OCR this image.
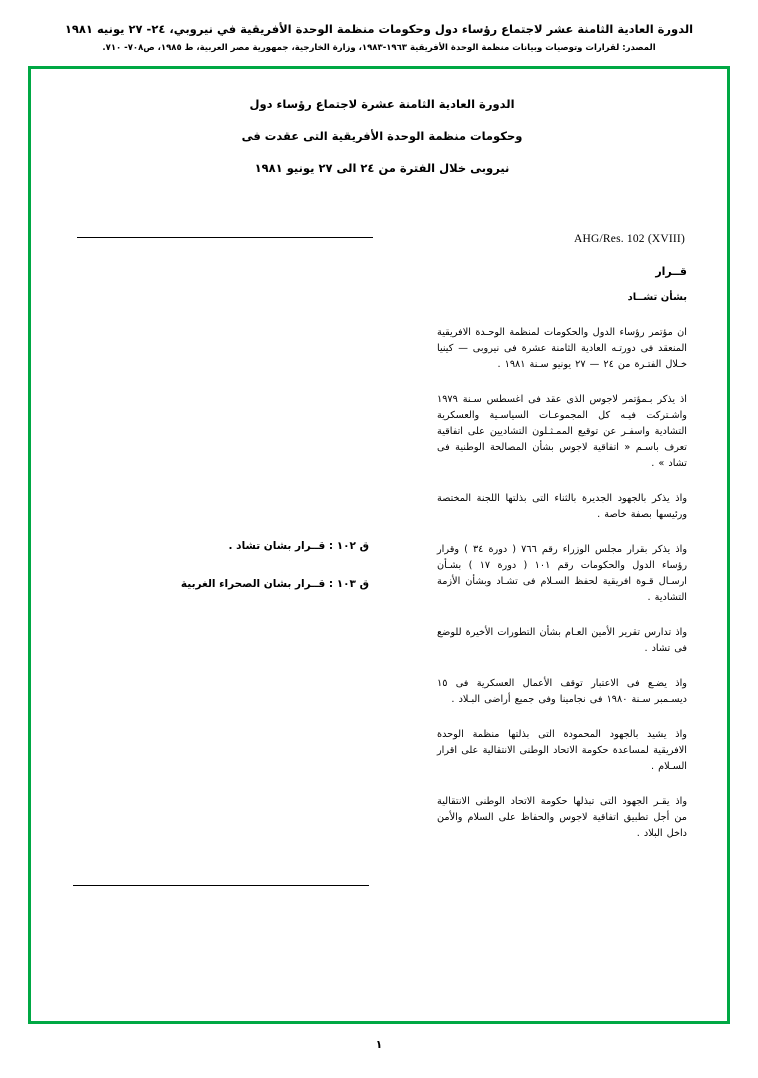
الدورة العادية الثامنة عشر لاجتماع رؤساء دول وحكومات منظمة الوحدة الأفريقية في نيروبي، ٢٤- ٢٧ يونيه ١٩٨١
المصدر: لقرارات وتوصيات وبيانات منظمة الوحدة الأفريقية ١٩٦٣-١٩٨٣، وزارة الخارجية، جمهورية مصر العربية، ط ١٩٨٥، ص٧٠٨- ٧١٠.
الدورة العادية الثامنة عشرة لاجتماع رؤساء دول
وحكومات منظمة الوحدة الأفريقية التى عقدت فى
نيروبى خلال الفترة من ٢٤ الى ٢٧ يونيو ١٩٨١
AHG/Res. 102 (XVIII)
ق ١٠٢ : قــرار بشان تشاد .
ق ١٠٣ : قــرار بشان الصحراء الغربية
قــرار
بشأن تشــاد

ان مؤتمر رؤساء الدول والحكومات لمنظمة الوحـدة الافريقية المنعقد فى دورتـه العادية الثامنة عشرة فى نيروبى — كينيا خـلال الفتـرة من ٢٤ — ٢٧ يونيو سـنة ١٩٨١ .

اذ يذكر بـمؤتمر لاجوس الذى عقد فى اغسطس سـنة ١٩٧٩ واشـتركت فيـه كل المجموعـات السياسـية والعسكرية التشادية واسفـر عن توقيع الممـثـلون التشاديين على اتفاقية تعرف باسـم « اتفاقية لاجوس بشأن المصالحة الوطنية فى تشاد » .

واذ يذكر بالجهود الجديرة بالثناء التى بذلتها اللجنة المختصة ورئيسها بصفة خاصة .

واذ يذكر بقرار مجلس الوزراء رقم ٧٦٦ ( دورة ٣٤ ) وقرار رؤساء الدول والحكومات رقم ١٠١ ( دورة ١٧ ) بشـأن ارسـال قـوة افريقية لحفظ السـلام فى تشـاد وبشأن الأزمة التشادية .

واذ تدارس تقرير الأمين العـام بشأن التطورات الأخيرة للوضع فى تشاد .

واذ يضـع فى الاعتبار توقف الأعمال العسكرية فى ١٥ ديسـمبر سـنة ١٩٨٠ فى نجامينا وفى جميع أراضى البـلاد .

واذ يشيد بالجهود المحمودة التى بذلتها منظمة الوحدة الافريقية لمساعدة حكومة الاتحاد الوطنى الانتقالية على اقرار السـلام .

واذ يقـر الجهود التى تبذلها حكومة الاتحاد الوطنى الانتقالية من أجل تطبيق اتفاقية لاجوس والحفاظ على السلام والأمن داخل البلاد .

١
